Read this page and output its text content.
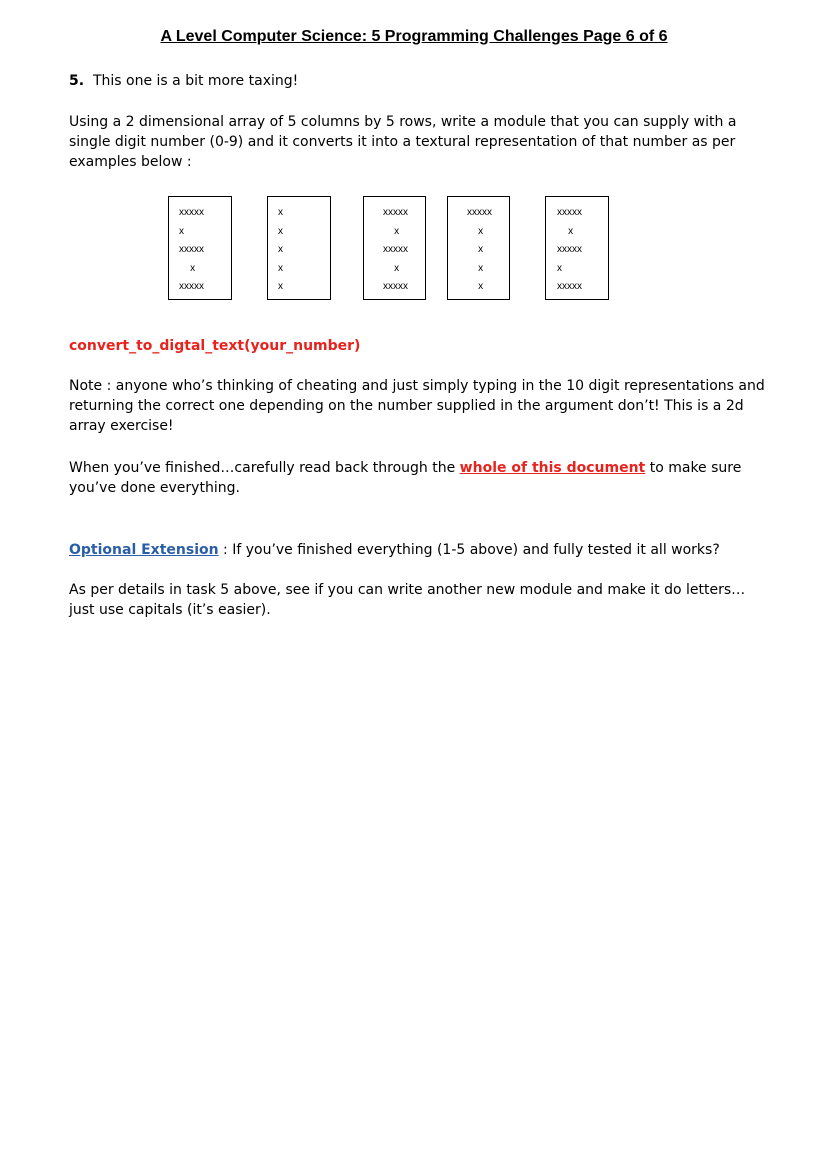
A Level Computer Science: 5 Programming Challenges Page 6 of 6
5. This one is a bit more taxing!
Using a 2 dimensional array of 5 columns by 5 rows, write a module that you can supply with a single digit number (0-9) and it converts it into a textural representation of that number as per examples below :
xxxxx
x
xxxxx
x
xxxxx
x
x
x
x
x
xxxxx
x
xxxxx
x
xxxxx
xxxxx
x
x
x
x
xxxxx
x
xxxxx
x
xxxxx
convert_to_digtal_text(your_number)
Note : anyone who’s thinking of cheating and just simply typing in the 10 digit representations and returning the correct one depending on the number supplied in the argument don’t! This is a 2d array exercise!
When you’ve finished…carefully read back through the whole of this document to make sure you’ve done everything.
Optional Extension : If you’ve finished everything (1-5 above) and fully tested it all works?
As per details in task 5 above, see if you can write another new module and make it do letters…just use capitals (it’s easier).
